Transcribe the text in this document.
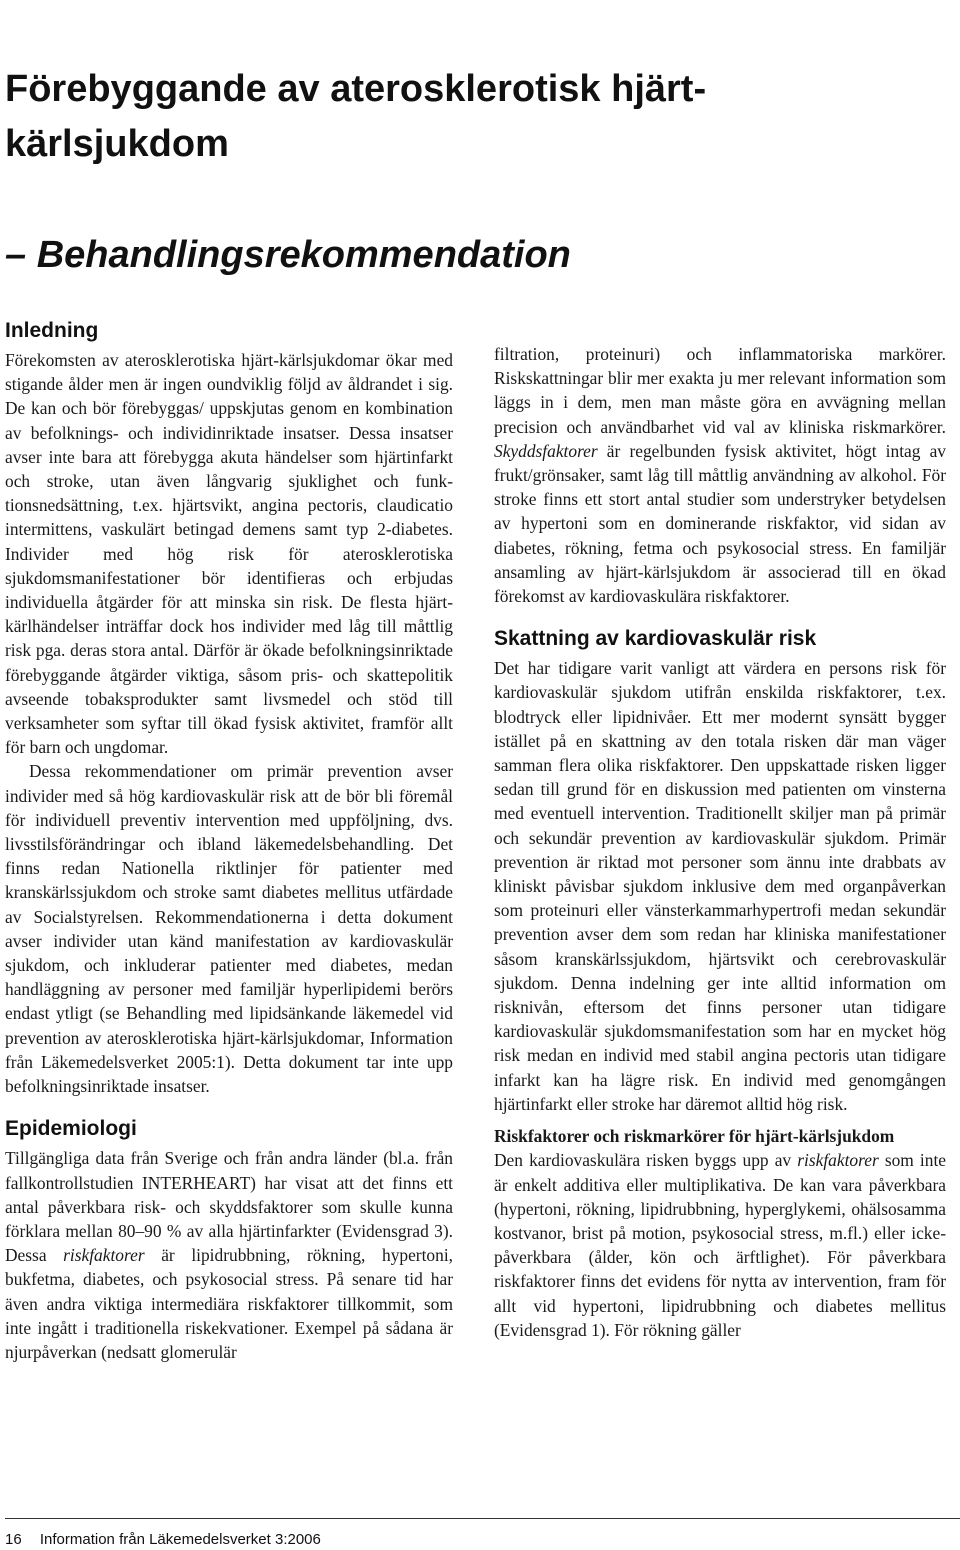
Förebyggande av aterosklerotisk hjärt-kärlsjukdom
– Behandlingsrekommendation
Inledning

Förekomsten av aterosklerotiska hjärt-kärlsjukdomar ökar med stigande ålder men är ingen oundviklig följd av åldrandet i sig. De kan och bör förebyggas/ uppskjutas genom en kombination av befolknings- och individinriktade insatser. Dessa insatser avser inte bara att förebygga akuta händelser som hjärtinfarkt och stroke, utan även långvarig sjuklighet och funktionsnedsättning, t.ex. hjärtsvikt, angina pectoris, claudicatio intermittens, vaskulärt betingad demens samt typ 2-diabetes. Individer med hög risk för aterosklerotiska sjukdomsmanifestationer bör identifieras och erbjudas individuella åtgärder för att minska sin risk. De flesta hjärt-kärlhändelser inträffar dock hos individer med låg till måttlig risk pga. deras stora antal. Därför är ökade befolkningsinriktade förebyggande åtgärder viktiga, såsom pris- och skattepolitik avseende tobaksprodukter samt livsmedel och stöd till verksamheter som syftar till ökad fysisk aktivitet, framför allt för barn och ungdomar.

Dessa rekommendationer om primär prevention avser individer med så hög kardiovaskulär risk att de bör bli föremål för individuell preventiv intervention med uppföljning, dvs. livsstilsförändringar och ibland läkemedelsbehandling. Det finns redan Nationella riktlinjer för patienter med kranskärlssjukdom och stroke samt diabetes mellitus utfärdade av Socialstyrelsen. Rekommendationerna i detta dokument avser individer utan känd manifestation av kardiovaskulär sjukdom, och inkluderar patienter med diabetes, medan handläggning av personer med familjär hyperlipidemi berörs endast ytligt (se Behandling med lipidsänkande läkemedel vid prevention av aterosklerotiska hjärt-kärlsjukdomar, Information från Läkemedelsverket 2005:1). Detta dokument tar inte upp befolkningsinriktade insatser.

Epidemiologi

Tillgängliga data från Sverige och från andra länder (bl.a. från fallkontrollstudien INTERHEART) har visat att det finns ett antal påverkbara risk- och skyddsfaktorer som skulle kunna förklara mellan 80–90 % av alla hjärtinfarkter (Evidensgrad 3). Dessa riskfaktorer är lipidrubbning, rökning, hypertoni, bukfetma, diabetes, och psykosocial stress. På senare tid har även andra viktiga intermediära riskfaktorer tillkommit, som inte ingått i traditionella riskekvationer. Exempel på sådana är njurpåverkan (nedsatt glomerulär

filtration, proteinuri) och inflammatoriska markörer. Riskskattningar blir mer exakta ju mer relevant information som läggs in i dem, men man måste göra en avvägning mellan precision och användbarhet vid val av kliniska riskmarkörer. Skyddsfaktorer är regelbunden fysisk aktivitet, högt intag av frukt/grönsaker, samt låg till måttlig användning av alkohol. För stroke finns ett stort antal studier som understryker betydelsen av hypertoni som en dominerande riskfaktor, vid sidan av diabetes, rökning, fetma och psykosocial stress. En familjär ansamling av hjärt-kärlsjukdom är associerad till en ökad förekomst av kardiovaskulära riskfaktorer.

Skattning av kardiovaskulär risk

Det har tidigare varit vanligt att värdera en persons risk för kardiovaskulär sjukdom utifrån enskilda riskfaktorer, t.ex. blodtryck eller lipidnivåer. Ett mer modernt synsätt bygger istället på en skattning av den totala risken där man väger samman flera olika riskfaktorer. Den uppskattade risken ligger sedan till grund för en diskussion med patienten om vinsterna med eventuell intervention. Traditionellt skiljer man på primär och sekundär prevention av kardiovaskulär sjukdom. Primär prevention är riktad mot personer som ännu inte drabbats av kliniskt påvisbar sjukdom inklusive dem med organpåverkan som proteinuri eller vänsterkammarhypertrofi medan sekundär prevention avser dem som redan har kliniska manifestationer såsom kranskärlssjukdom, hjärtsvikt och cerebrovaskulär sjukdom. Denna indelning ger inte alltid information om risknivån, eftersom det finns personer utan tidigare kardiovaskulär sjukdomsmanifestation som har en mycket hög risk medan en individ med stabil angina pectoris utan tidigare infarkt kan ha lägre risk. En individ med genomgången hjärtinfarkt eller stroke har däremot alltid hög risk.

Riskfaktorer och riskmarkörer för hjärt-kärlsjukdom

Den kardiovaskulära risken byggs upp av riskfaktorer som inte är enkelt additiva eller multiplikativa. De kan vara påverkbara (hypertoni, rökning, lipidrubbning, hyperglykemi, ohälsosamma kostvanor, brist på motion, psykosocial stress, m.fl.) eller icke-påverkbara (ålder, kön och ärftlighet). För påverkbara riskfaktorer finns det evidens för nytta av intervention, fram för allt vid hypertoni, lipidrubbning och diabetes mellitus (Evidensgrad 1). För rökning gäller

16 Information från Läkemedelsverket 3:2006
